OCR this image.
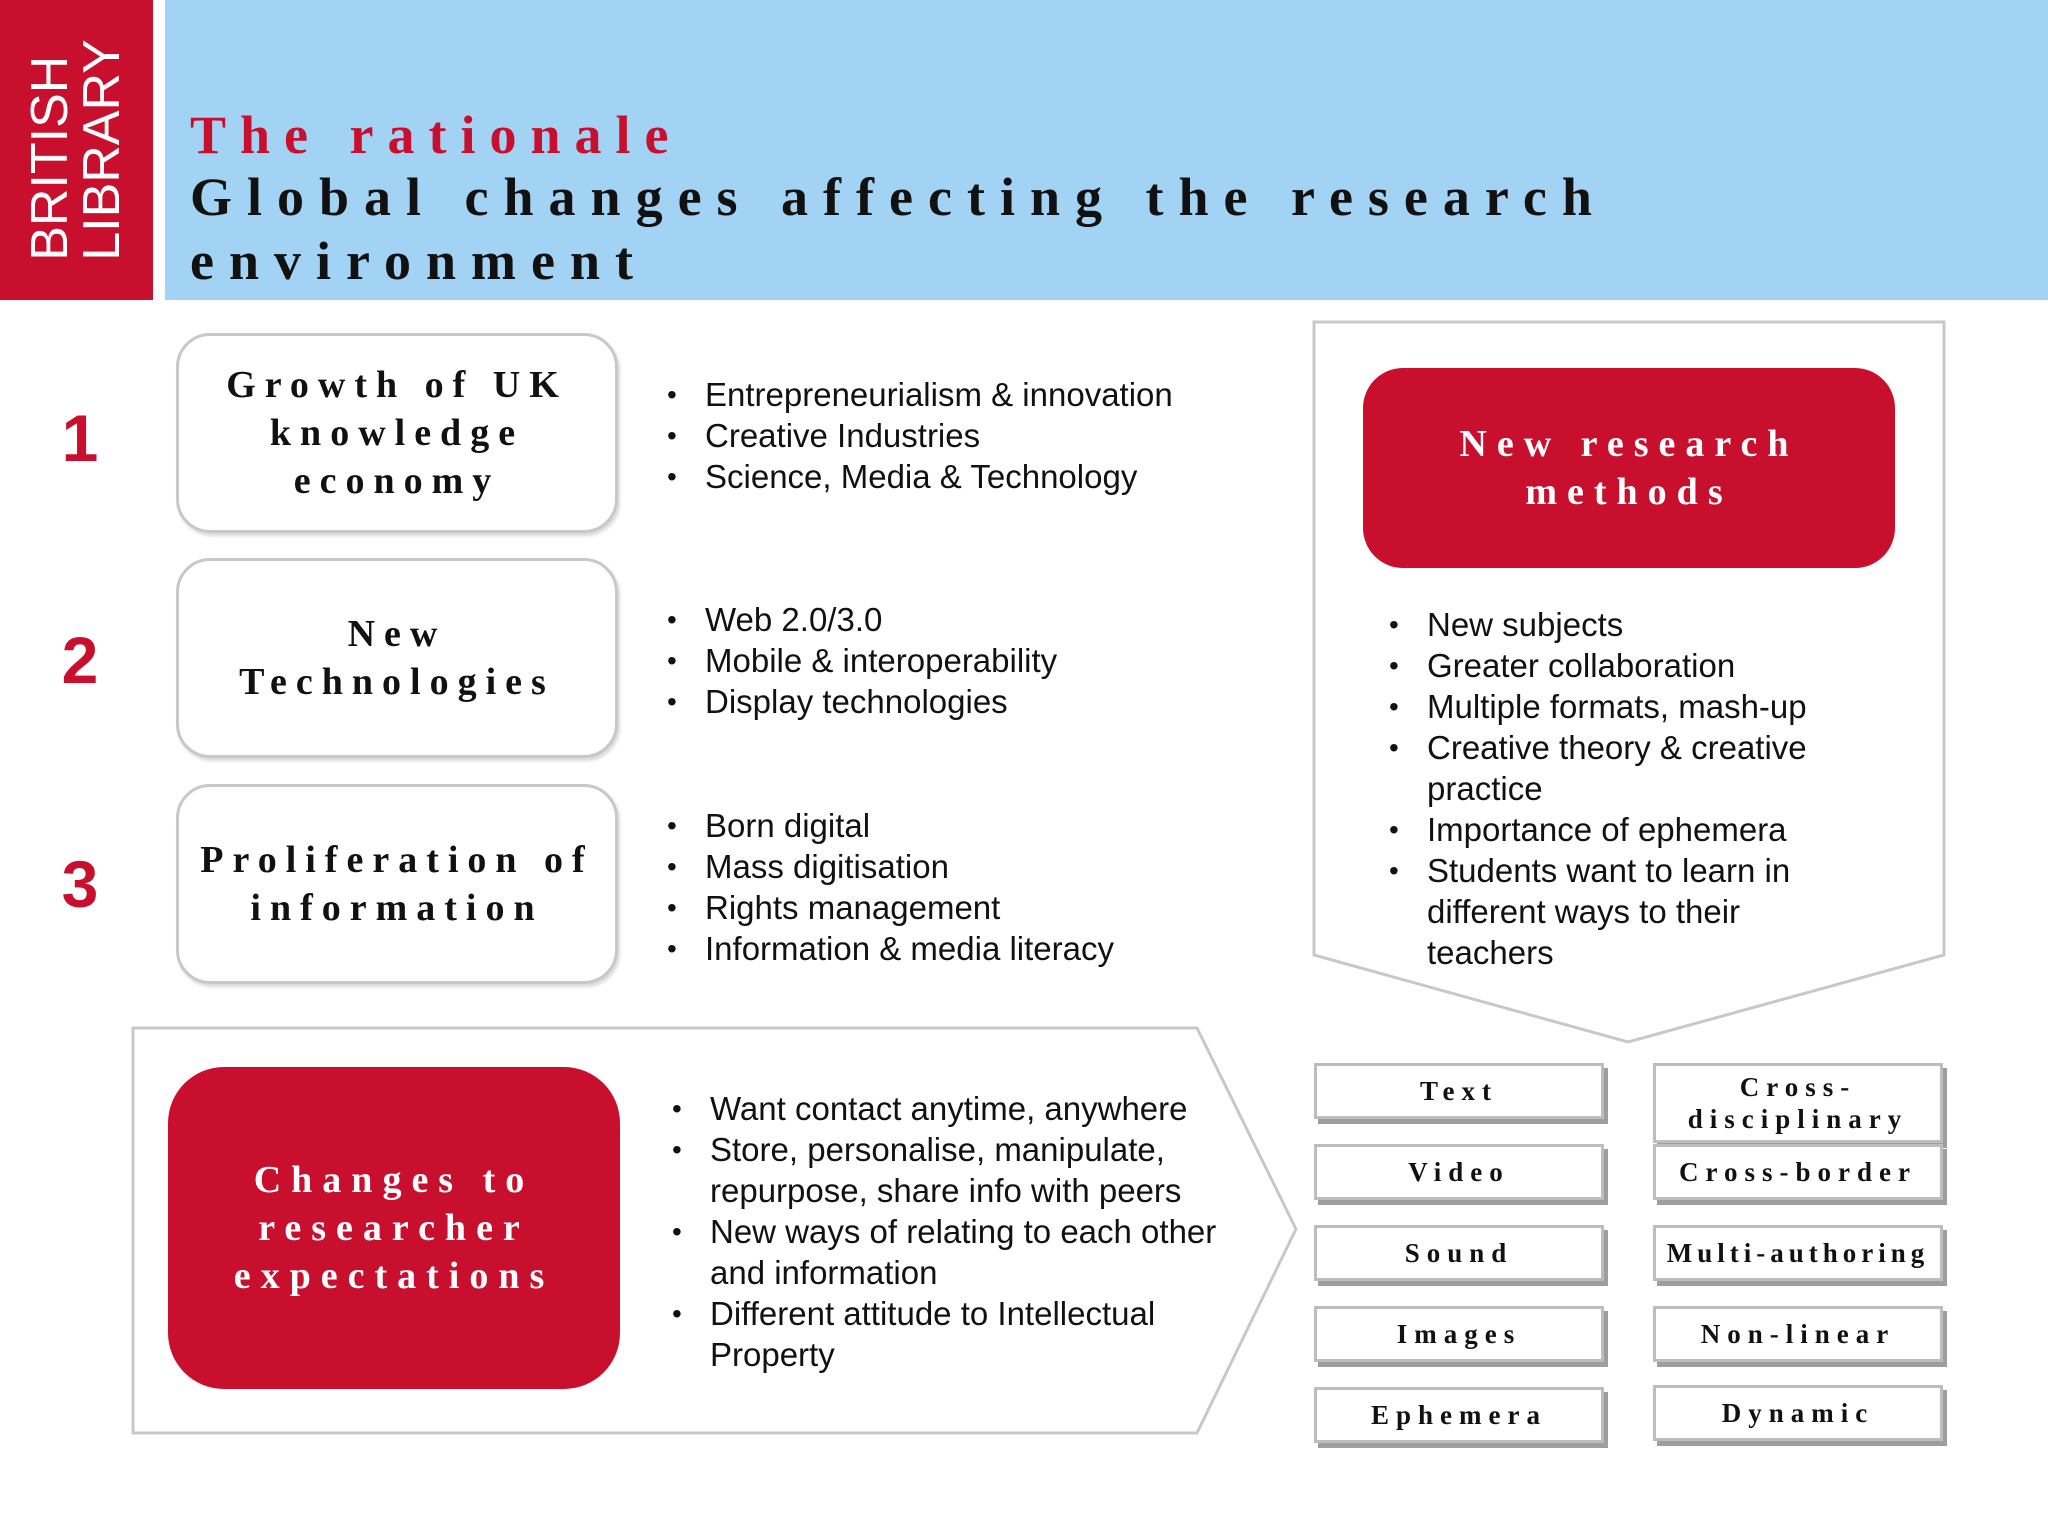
BRITISH
LIBRARY The rationale
Global changes affecting the research environment
1
2
3
Growth of UK knowledge economy
New Technologies
Proliferation of information
• Entrepreneurialism & innovation
• Creative Industries
• Science, Media & Technology
• Web 2.0/3.0
• Mobile & interoperability
• Display technologies
• Born digital
• Mass digitisation
• Rights management
• Information & media literacy
New research methods
• New subjects
• Greater collaboration
• Multiple formats, mash-up
• Creative theory & creative practice
• Importance of ephemera
• Students want to learn in different ways to their teachers
Changes to researcher expectations
• Want contact anytime, anywhere
• Store, personalise, manipulate, repurpose, share info with peers
• New ways of relating to each other and information
• Different attitude to Intellectual Property
Text
Video
Sound
Images
Ephemera
Cross-disciplinary
Cross-border
Multi-authoring
Non-linear
Dynamic
